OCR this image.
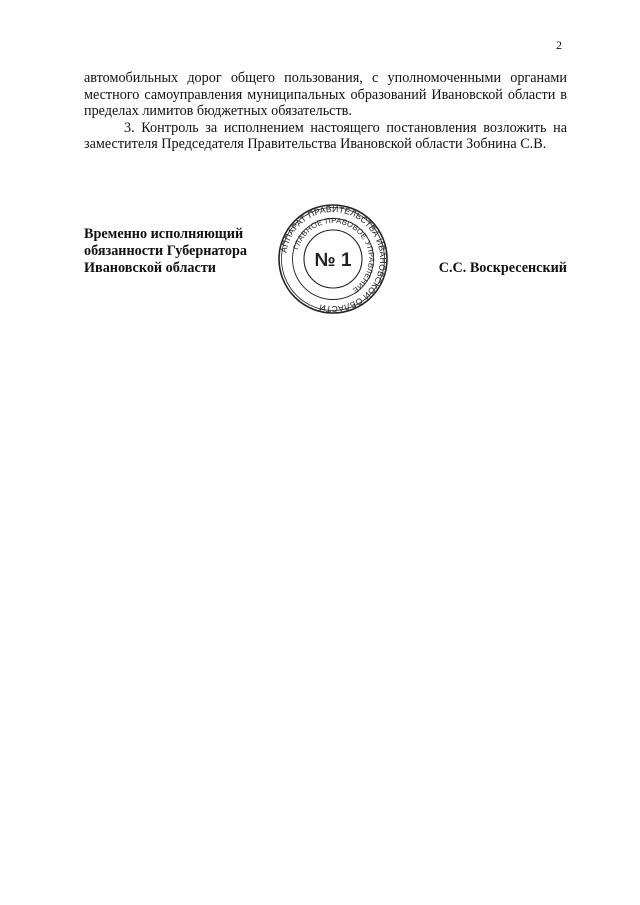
2

автомобильных дорог общего пользования, с уполномоченными органами местного самоуправления муниципальных образований Ивановской области в пределах лимитов бюджетных обязательств.

3. Контроль за исполнением настоящего постановления возложить на заместителя Председателя Правительства Ивановской области Зобнина С.В.

Временно исполняющий
обязанности Губернатора
Ивановской области
АППАРАТ ПРАВИТЕЛЬСТВА ИВАНОВСКОЙ ОБЛАСТИ
ГЛАВНОЕ ПРАВОВОЕ УПРАВЛЕНИЕ
№ 1	С.С. Воскресенский
